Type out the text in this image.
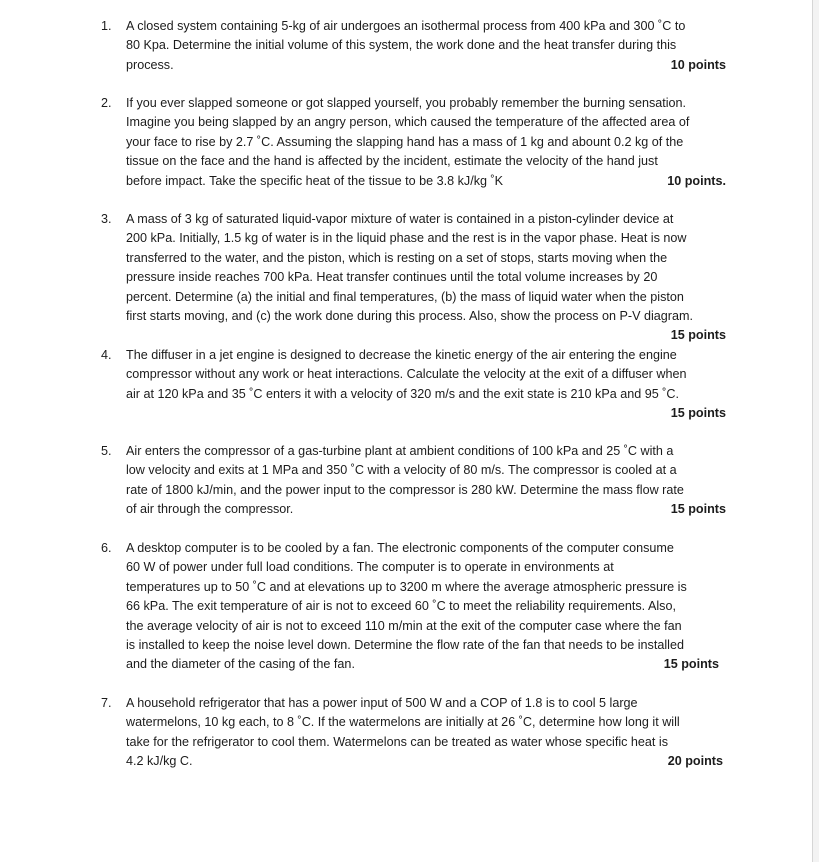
1. A closed system containing 5-kg of air undergoes an isothermal process from 400 kPa and 300 ˚C to
80 Kpa. Determine the initial volume of this system, the work done and the heat transfer during this
process.	10 points
2. If you ever slapped someone or got slapped yourself, you probably remember the burning sensation.
Imagine you being slapped by an angry person, which caused the temperature of the affected area of
your face to rise by 2.7 ˚C. Assuming the slapping hand has a mass of 1 kg and abount 0.2 kg of the
tissue on the face and the hand is affected by the incident, estimate the velocity of the hand just
before impact. Take the specific heat of the tissue to be 3.8 kJ/kg ˚K	10 points.
3. A mass of 3 kg of saturated liquid-vapor mixture of water is contained in a piston-cylinder device at
200 kPa. Initially, 1.5 kg of water is in the liquid phase and the rest is in the vapor phase. Heat is now
transferred to the water, and the piston, which is resting on a set of stops, starts moving when the
pressure inside reaches 700 kPa. Heat transfer continues until the total volume increases by 20
percent. Determine (a) the initial and final temperatures, (b) the mass of liquid water when the piston
first starts moving, and (c) the work done during this process. Also, show the process on P-V diagram.
15 points
4. The diffuser in a jet engine is designed to decrease the kinetic energy of the air entering the engine
compressor without any work or heat interactions. Calculate the velocity at the exit of a diffuser when
air at 120 kPa and 35 ˚C enters it with a velocity of 320 m/s and the exit state is 210 kPa and 95 ˚C.
15 points
5. Air enters the compressor of a gas-turbine plant at ambient conditions of 100 kPa and 25 ˚C with a
low velocity and exits at 1 MPa and 350 ˚C with a velocity of 80 m/s. The compressor is cooled at a
rate of 1800 kJ/min, and the power input to the compressor is 280 kW. Determine the mass flow rate
of air through the compressor.	15 points
6. A desktop computer is to be cooled by a fan. The electronic components of the computer consume
60 W of power under full load conditions. The computer is to operate in environments at
temperatures up to 50 ˚C and at elevations up to 3200 m where the average atmospheric pressure is
66 kPa. The exit temperature of air is not to exceed 60 ˚C to meet the reliability requirements. Also,
the average velocity of air is not to exceed 110 m/min at the exit of the computer case where the fan
is installed to keep the noise level down. Determine the flow rate of the fan that needs to be installed
and the diameter of the casing of the fan.	15 points
7. A household refrigerator that has a power input of 500 W and a COP of 1.8 is to cool 5 large
watermelons, 10 kg each, to 8 ˚C. If the watermelons are initially at 26 ˚C, determine how long it will
take for the refrigerator to cool them. Watermelons can be treated as water whose specific heat is
4.2 kJ/kg C.	20 points
